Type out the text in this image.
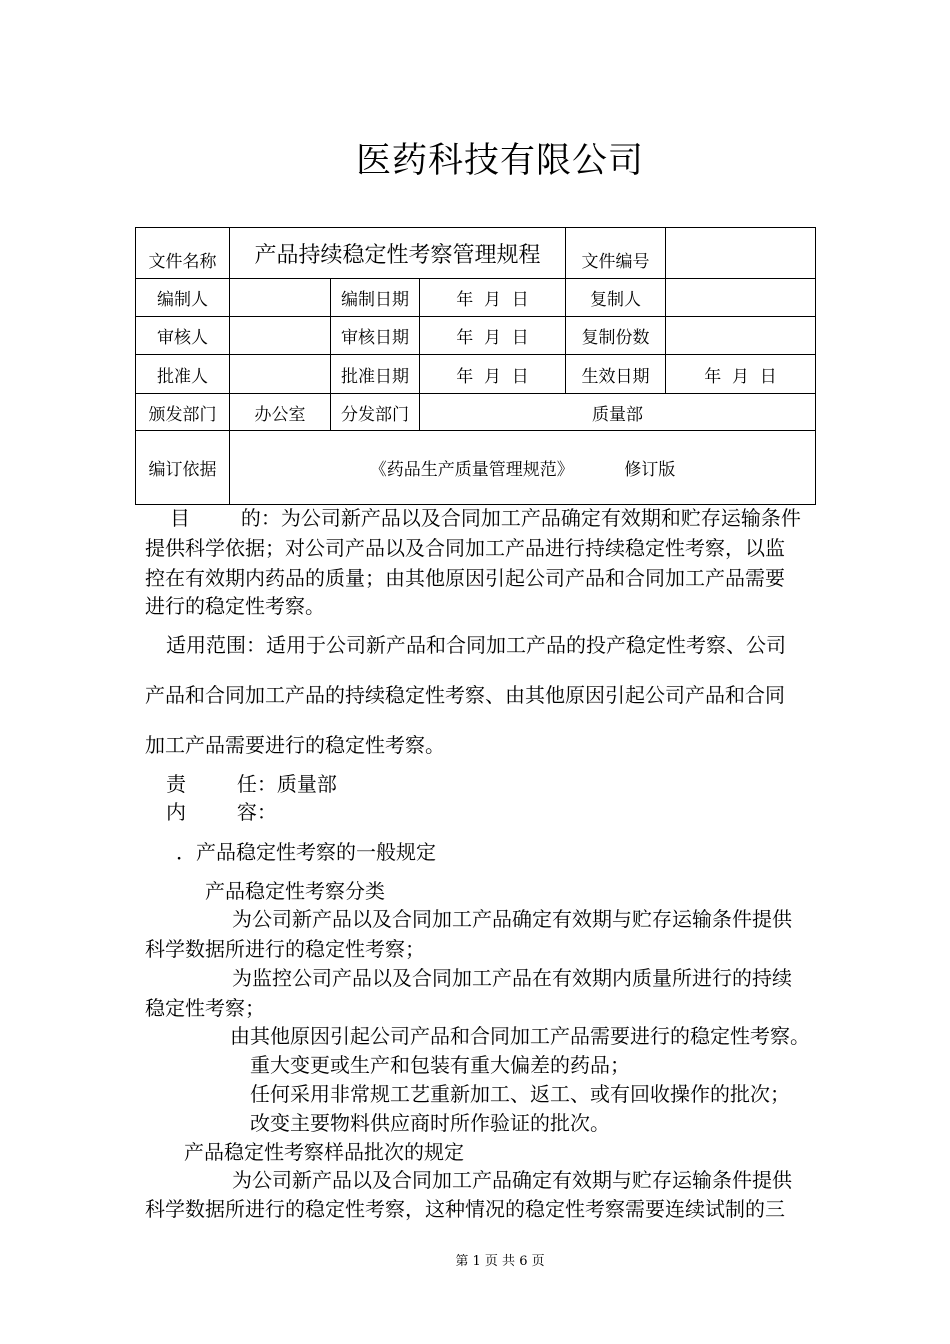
医药科技有限公司
文件名称	产品持续稳定性考察管理规程			文件编号	
编制人		编制日期	年  月  日	复制人	
审核人		审核日期	年  月  日	复制份数	
批准人		批准日期	年  月  日	生效日期	年  月  日
颁发部门	办公室	分发部门	质量部		
编订依据	《药品生产质量管理规范》 修订版				
目        的：为公司新产品以及合同加工产品确定有效期和贮存运输条件
提供科学依据；对公司产品以及合同加工产品进行持续稳定性考察，以监
控在有效期内药品的质量；由其他原因引起公司产品和合同加工产品需要
进行的稳定性考察。
适用范围：适用于公司新产品和合同加工产品的投产稳定性考察、公司
产品和合同加工产品的持续稳定性考察、由其他原因引起公司产品和合同
加工产品需要进行的稳定性考察。
责        任：质量部
内        容：
．产品稳定性考察的一般规定
产品稳定性考察分类
为公司新产品以及合同加工产品确定有效期与贮存运输条件提供
科学数据所进行的稳定性考察；
为监控公司产品以及合同加工产品在有效期内质量所进行的持续
稳定性考察；
由其他原因引起公司产品和合同加工产品需要进行的稳定性考察。
重大变更或生产和包装有重大偏差的药品；
任何采用非常规工艺重新加工、返工、或有回收操作的批次；
改变主要物料供应商时所作验证的批次。
产品稳定性考察样品批次的规定
为公司新产品以及合同加工产品确定有效期与贮存运输条件提供
科学数据所进行的稳定性考察，这种情况的稳定性考察需要连续试制的三
第 1 页 共 6 页
